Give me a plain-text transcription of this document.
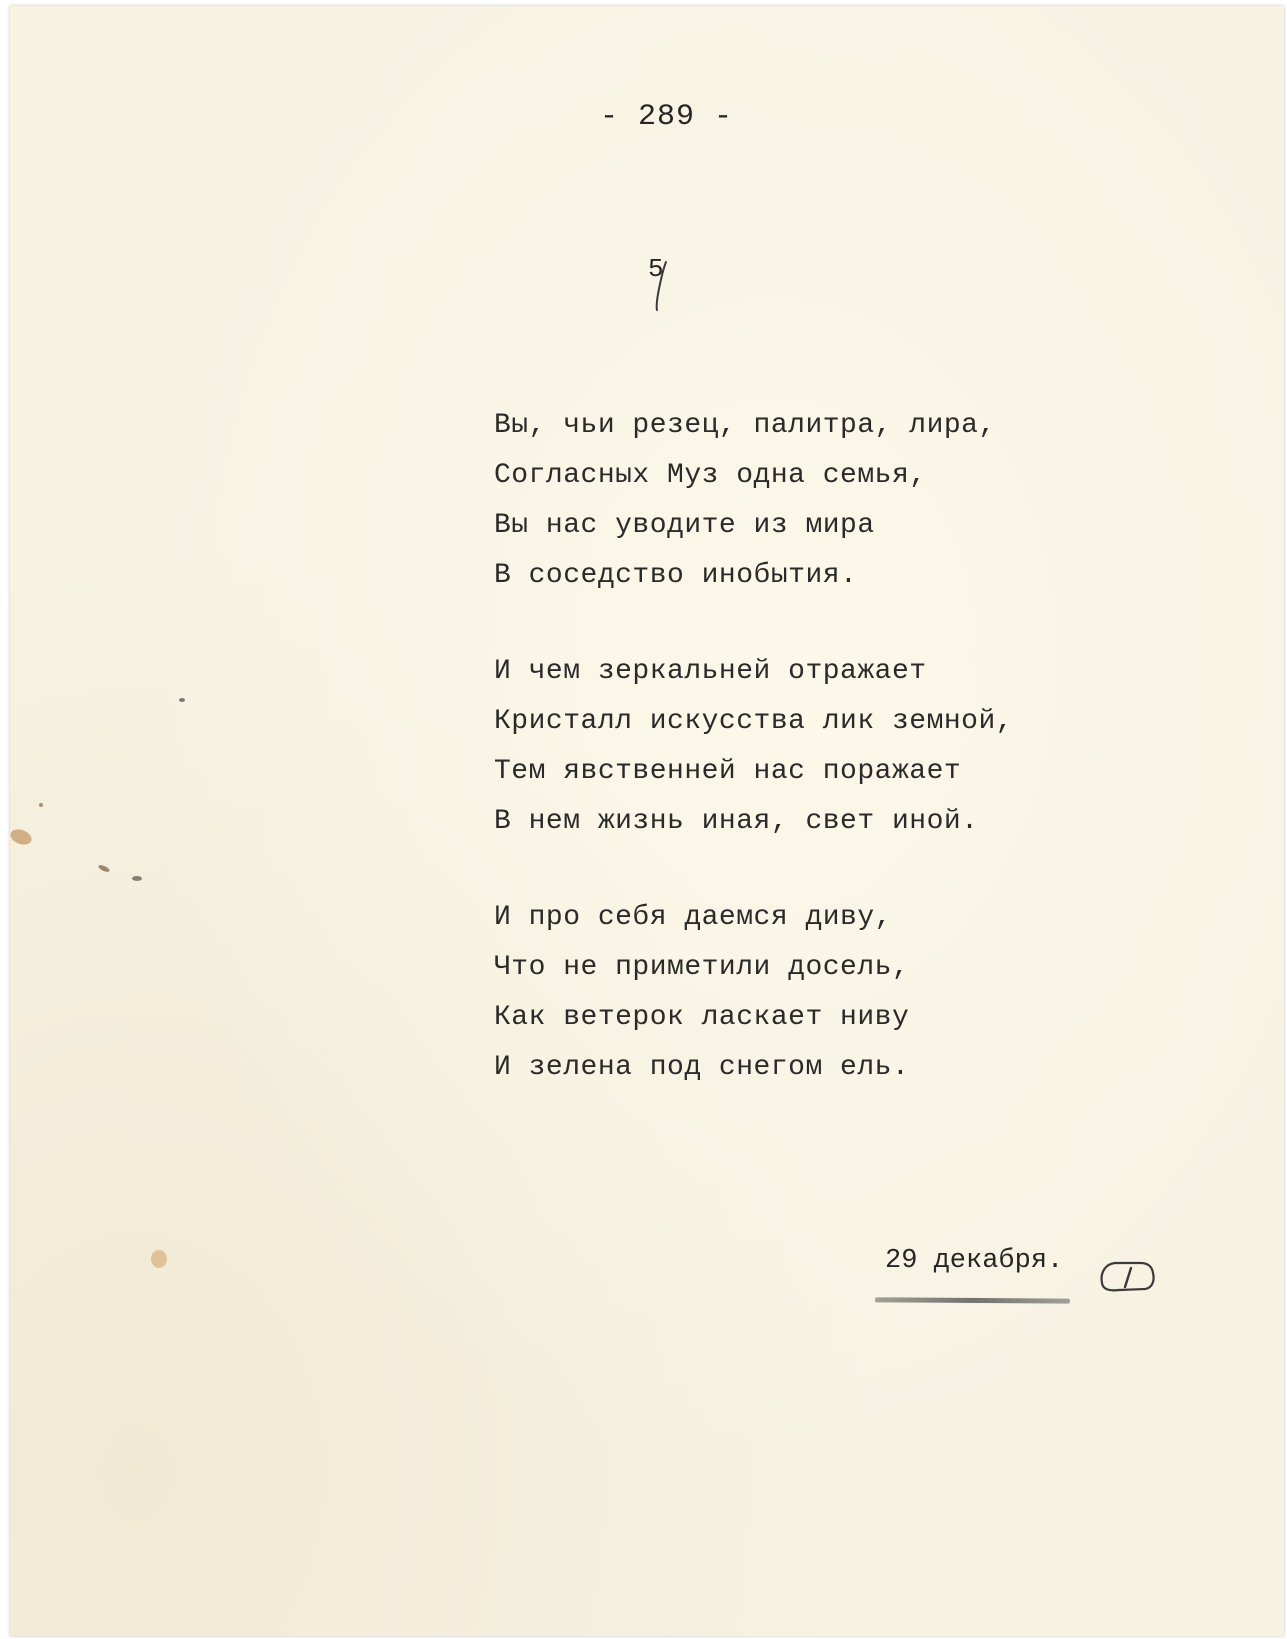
- 289 -
5
Вы, чьи резец, палитра, лира,
Согласных Муз одна семья,
Вы нас уводите из мира
В соседство инобытия.
И чем зеркальней отражает
Кристалл искусства лик земной,
Тем явственней нас поражает
В нем жизнь иная, свет иной.
И про себя даемся диву,
Что не приметили досель,
Как ветерок ласкает ниву
И зелена под снегом ель.
29 декабря.
